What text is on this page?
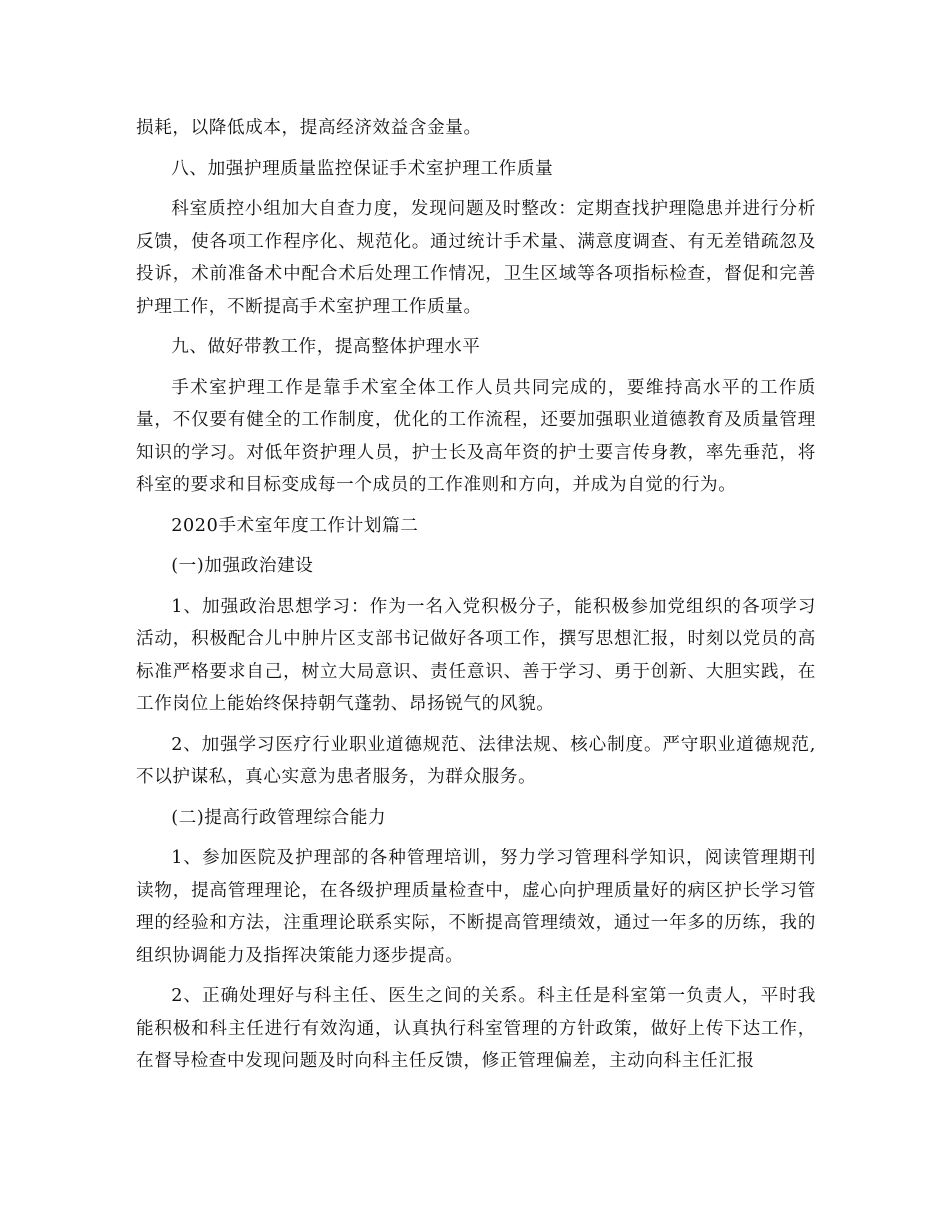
损耗，以降低成本，提高经济效益含金量。

八、加强护理质量监控保证手术室护理工作质量

科室质控小组加大自查力度，发现问题及时整改：定期查找护理隐患并进行分析反馈，使各项工作程序化、规范化。通过统计手术量、满意度调查、有无差错疏忽及投诉，术前准备术中配合术后处理工作情况，卫生区域等各项指标检查，督促和完善护理工作，不断提高手术室护理工作质量。

九、做好带教工作，提高整体护理水平

手术室护理工作是靠手术室全体工作人员共同完成的，要维持高水平的工作质量，不仅要有健全的工作制度，优化的工作流程，还要加强职业道德教育及质量管理知识的学习。对低年资护理人员，护士长及高年资的护士要言传身教，率先垂范，将科室的要求和目标变成每一个成员的工作准则和方向，并成为自觉的行为。

2020手术室年度工作计划篇二

(一)加强政治建设

1、加强政治思想学习：作为一名入党积极分子，能积极参加党组织的各项学习活动，积极配合儿中肿片区支部书记做好各项工作，撰写思想汇报，时刻以党员的高标准严格要求自己，树立大局意识、责任意识、善于学习、勇于创新、大胆实践，在工作岗位上能始终保持朝气蓬勃、昂扬锐气的风貌。

2、加强学习医疗行业职业道德规范、法律法规、核心制度。严守职业道德规范,不以护谋私，真心实意为患者服务，为群众服务。

(二)提高行政管理综合能力

1、参加医院及护理部的各种管理培训，努力学习管理科学知识，阅读管理期刊读物，提高管理理论，在各级护理质量检查中，虚心向护理质量好的病区护长学习管理的经验和方法，注重理论联系实际，不断提高管理绩效，通过一年多的历练，我的组织协调能力及指挥决策能力逐步提高。

2、正确处理好与科主任、医生之间的关系。科主任是科室第一负责人，平时我能积极和科主任进行有效沟通，认真执行科室管理的方针政策，做好上传下达工作，在督导检查中发现问题及时向科主任反馈，修正管理偏差，主动向科主任汇报
